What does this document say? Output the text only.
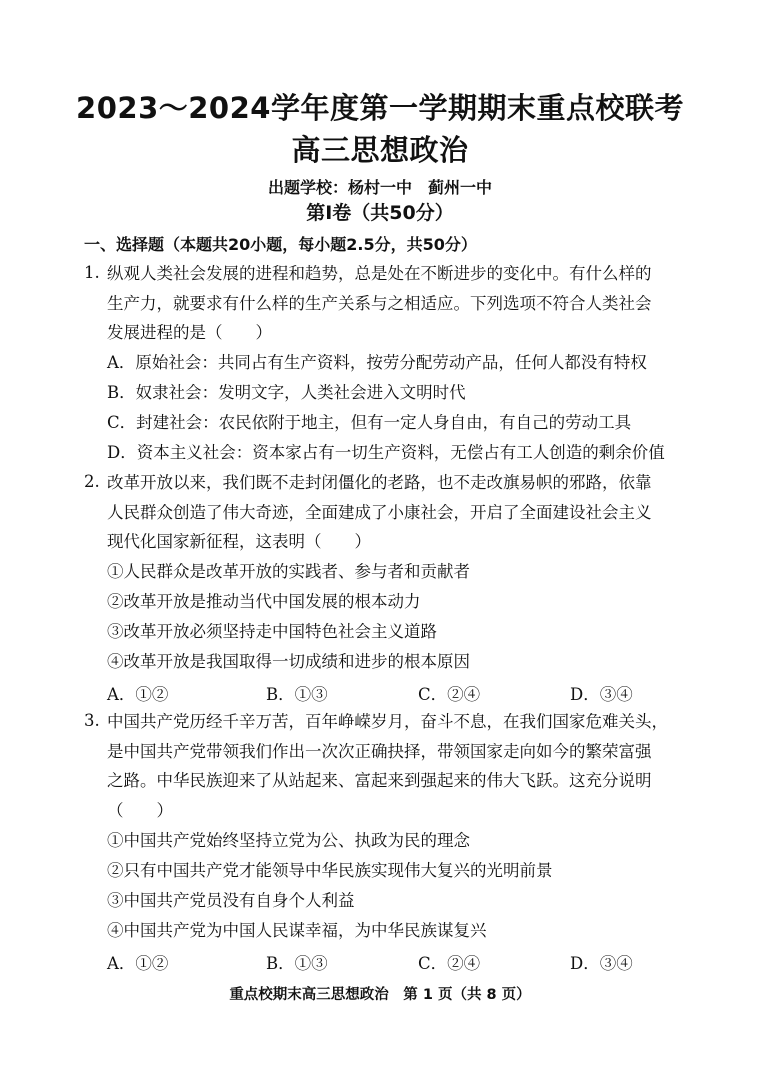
2023～2024学年度第一学期期末重点校联考
高三思想政治
出题学校：杨村一中　蓟州一中
第Ⅰ卷（共50分）
一、选择题（本题共20小题，每小题2.5分，共50分）
1. 纵观人类社会发展的进程和趋势，总是处在不断进步的变化中。有什么样的
生产力，就要求有什么样的生产关系与之相适应。下列选项不符合人类社会
发展进程的是（　　）
A．原始社会：共同占有生产资料，按劳分配劳动产品，任何人都没有特权
B．奴隶社会：发明文字，人类社会进入文明时代
C．封建社会：农民依附于地主，但有一定人身自由，有自己的劳动工具
D．资本主义社会：资本家占有一切生产资料，无偿占有工人创造的剩余价值
2. 改革开放以来，我们既不走封闭僵化的老路，也不走改旗易帜的邪路，依靠
人民群众创造了伟大奇迹，全面建成了小康社会，开启了全面建设社会主义
现代化国家新征程，这表明（　　）
①人民群众是改革开放的实践者、参与者和贡献者
②改革开放是推动当代中国发展的根本动力
③改革开放必须坚持走中国特色社会主义道路
④改革开放是我国取得一切成绩和进步的根本原因
A．①②	B．①③	C．②④	D．③④
3. 中国共产党历经千辛万苦，百年峥嵘岁月，奋斗不息，在我们国家危难关头，
是中国共产党带领我们作出一次次正确抉择，带领国家走向如今的繁荣富强
之路。中华民族迎来了从站起来、富起来到强起来的伟大飞跃。这充分说明
（　　）
①中国共产党始终坚持立党为公、执政为民的理念
②只有中国共产党才能领导中华民族实现伟大复兴的光明前景
③中国共产党员没有自身个人利益
④中国共产党为中国人民谋幸福，为中华民族谋复兴
A．①②	B．①③	C．②④	D．③④
重点校期末高三思想政治　第 1 页（共 8 页）
